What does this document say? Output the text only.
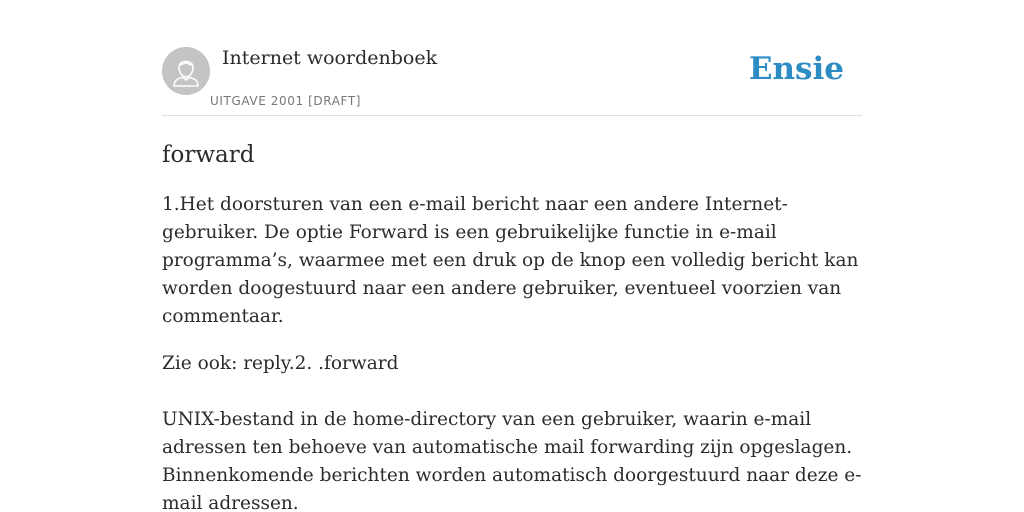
Internet woordenboek
UITGAVE 2001 [DRAFT]
Ensie
forward

1.Het doorsturen van een e-mail bericht naar een andere Internet-gebruiker. De optie Forward is een gebruikelijke functie in e-mail programma’s, waarmee met een druk op de knop een volledig bericht kan worden doogestuurd naar een andere gebruiker, eventueel voorzien van commentaar.

Zie ook: reply.2. .forward

UNIX-bestand in de home-directory van een gebruiker, waarin e-mail adressen ten behoeve van automatische mail forwarding zijn opgeslagen. Binnenkomende berichten worden automatisch doorgestuurd naar deze e-mail adressen.
